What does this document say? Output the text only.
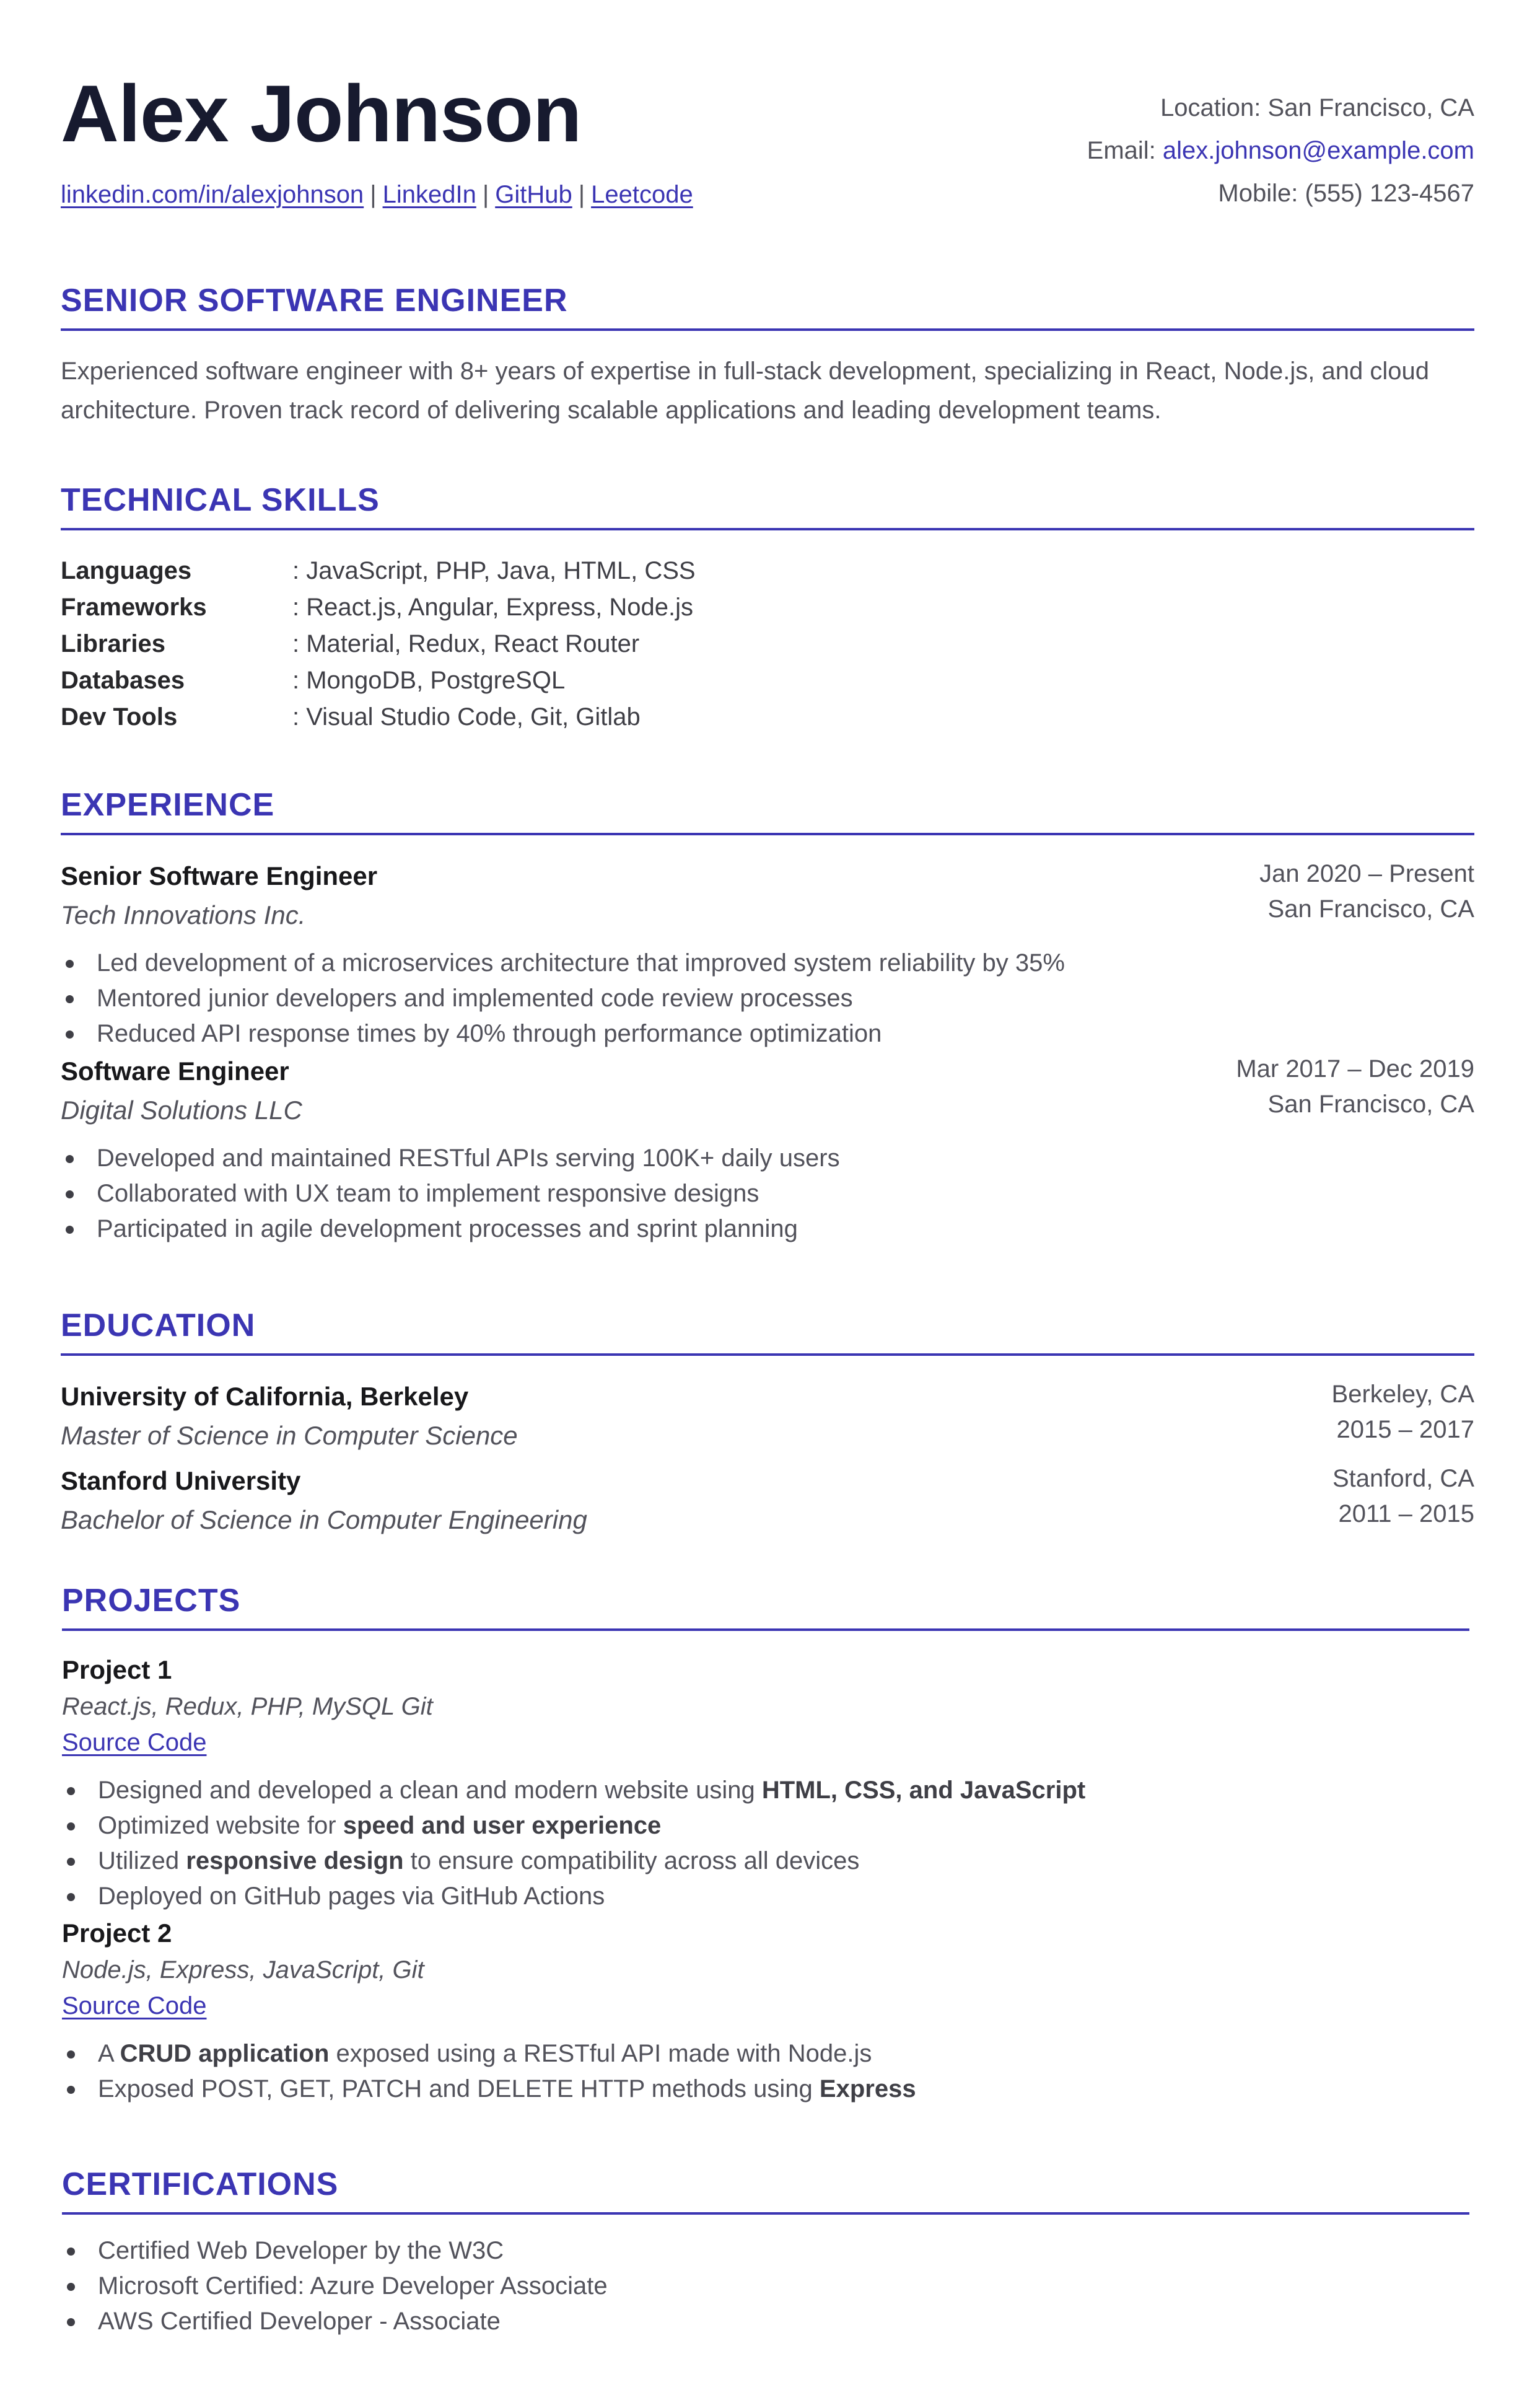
Alex Johnson
linkedin.com/in/alexjohnson | LinkedIn | GitHub | Leetcode
Location: San Francisco, CA
Email: alex.johnson@example.com
Mobile: (555) 123-4567
SENIOR SOFTWARE ENGINEER
Experienced software engineer with 8+ years of expertise in full-stack development, specializing in React, Node.js, and cloud architecture. Proven track record of delivering scalable applications and leading development teams.
TECHNICAL SKILLS
Languages	: JavaScript, PHP, Java, HTML, CSS
Frameworks	: React.js, Angular, Express, Node.js
Libraries	: Material, Redux, React Router
Databases	: MongoDB, PostgreSQL
Dev Tools	: Visual Studio Code, Git, Gitlab
EXPERIENCE
Senior Software Engineer
Tech Innovations Inc.
Jan 2020 – Present
San Francisco, CA
Led development of a microservices architecture that improved system reliability by 35%
Mentored junior developers and implemented code review processes
Reduced API response times by 40% through performance optimization
Software Engineer
Digital Solutions LLC
Mar 2017 – Dec 2019
San Francisco, CA
Developed and maintained RESTful APIs serving 100K+ daily users
Collaborated with UX team to implement responsive designs
Participated in agile development processes and sprint planning
EDUCATION
University of California, Berkeley
Master of Science in Computer Science
Berkeley, CA
2015 – 2017
Stanford University
Bachelor of Science in Computer Engineering
Stanford, CA
2011 – 2015
PROJECTS
Project 1
React.js, Redux, PHP, MySQL Git
Source Code
Designed and developed a clean and modern website using HTML, CSS, and JavaScript
Optimized website for speed and user experience
Utilized responsive design to ensure compatibility across all devices
Deployed on GitHub pages via GitHub Actions
Project 2
Node.js, Express, JavaScript, Git
Source Code
A CRUD application exposed using a RESTful API made with Node.js
Exposed POST, GET, PATCH and DELETE HTTP methods using Express
CERTIFICATIONS
Certified Web Developer by the W3C
Microsoft Certified: Azure Developer Associate
AWS Certified Developer - Associate
